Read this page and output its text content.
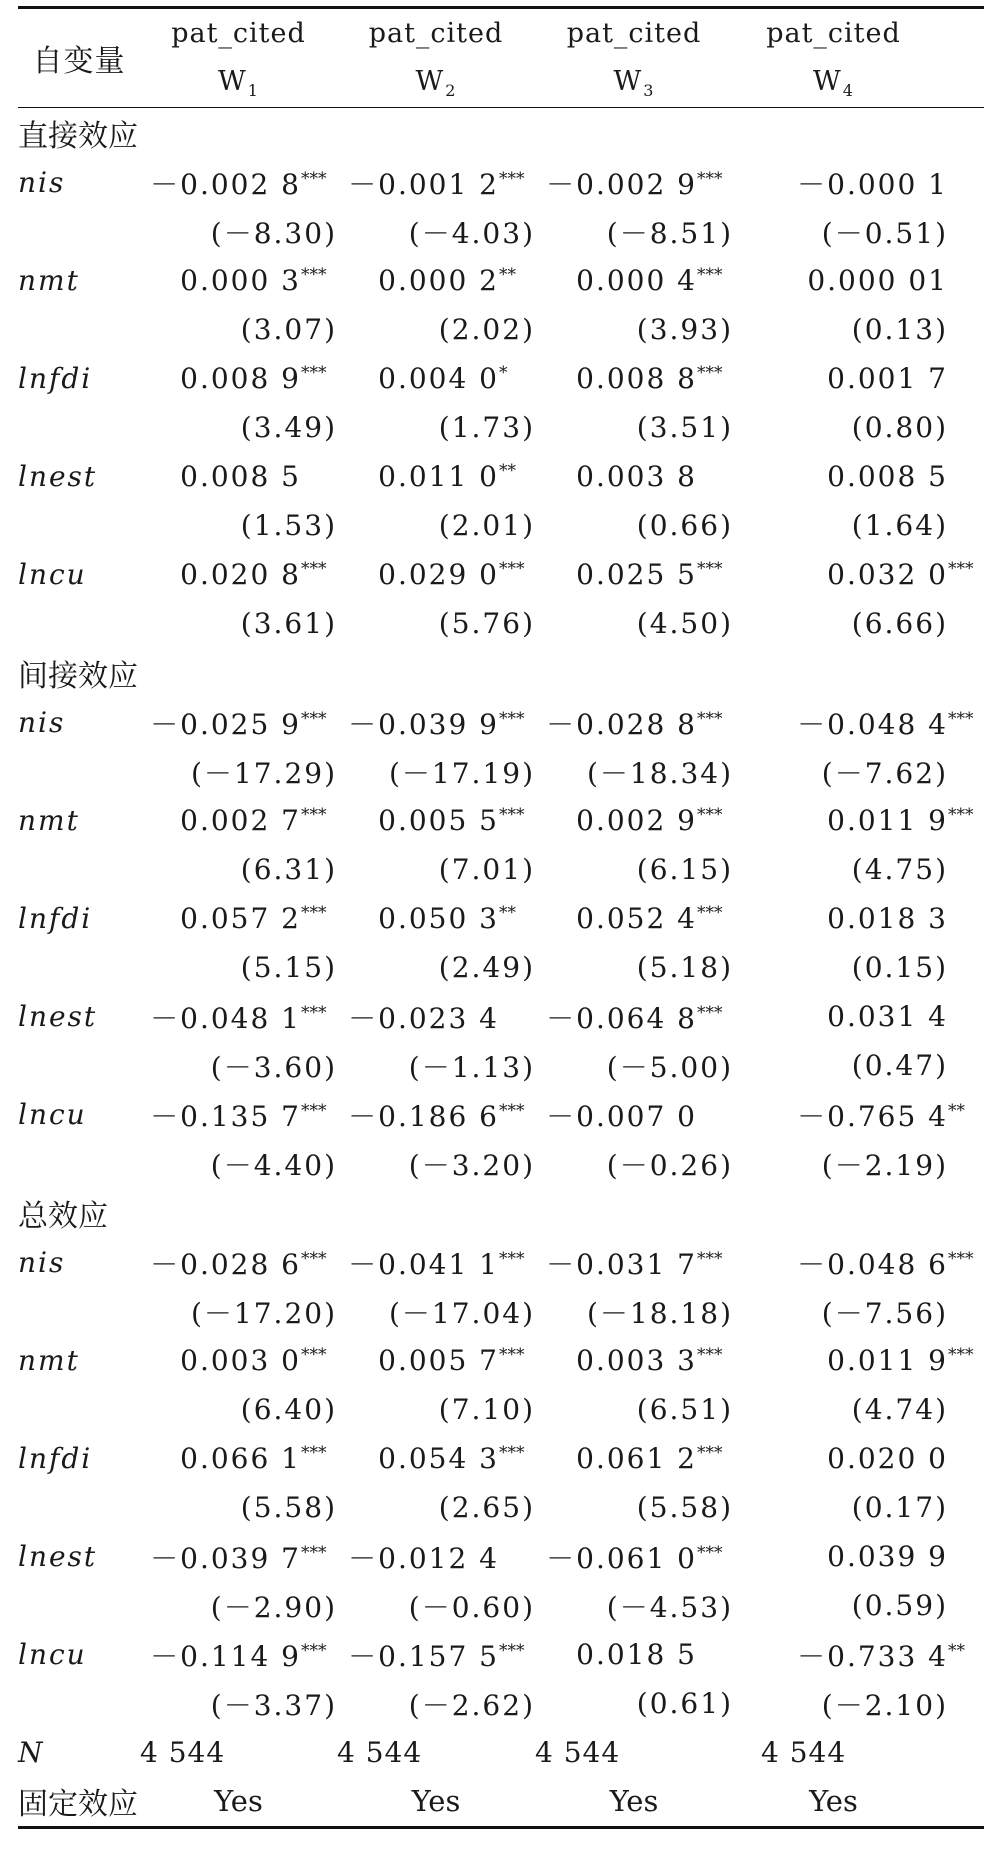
自变量	pat_cited	pat_cited	pat_cited	pat_cited
	$W_1$	$W_2$	$W_3$	$W_4$
直接效应				
nis	－0.002 8***	－0.001 2***	－0.002 9***	－0.000 1
	(－8.30)	(－4.03)	(－8.51)	(－0.51)
nmt	0.000 3***	0.000 2**	0.000 4***	0.000 01
	(3.07)	(2.02)	(3.93)	(0.13)
lnfdi	0.008 9***	0.004 0*	0.008 8***	0.001 7
	(3.49)	(1.73)	(3.51)	(0.80)
lnest	0.008 5	0.011 0**	0.003 8	0.008 5
	(1.53)	(2.01)	(0.66)	(1.64)
lncu	0.020 8***	0.029 0***	0.025 5***	0.032 0***
	(3.61)	(5.76)	(4.50)	(6.66)
间接效应				
nis	－0.025 9***	－0.039 9***	－0.028 8***	－0.048 4***
	(－17.29)	(－17.19)	(－18.34)	(－7.62)
nmt	0.002 7***	0.005 5***	0.002 9***	0.011 9***
	(6.31)	(7.01)	(6.15)	(4.75)
lnfdi	0.057 2***	0.050 3**	0.052 4***	0.018 3
	(5.15)	(2.49)	(5.18)	(0.15)
lnest	－0.048 1***	－0.023 4	－0.064 8***	0.031 4
	(－3.60)	(－1.13)	(－5.00)	(0.47)
lncu	－0.135 7***	－0.186 6***	－0.007 0	－0.765 4**
	(－4.40)	(－3.20)	(－0.26)	(－2.19)
总效应				
nis	－0.028 6***	－0.041 1***	－0.031 7***	－0.048 6***
	(－17.20)	(－17.04)	(－18.18)	(－7.56)
nmt	0.003 0***	0.005 7***	0.003 3***	0.011 9***
	(6.40)	(7.10)	(6.51)	(4.74)
lnfdi	0.066 1***	0.054 3***	0.061 2***	0.020 0
	(5.58)	(2.65)	(5.58)	(0.17)
lnest	－0.039 7***	－0.012 4	－0.061 0***	0.039 9
	(－2.90)	(－0.60)	(－4.53)	(0.59)
lncu	－0.114 9***	－0.157 5***	0.018 5	－0.733 4**
	(－3.37)	(－2.62)	(0.61)	(－2.10)
N	4 544	4 544	4 544	4 544
固定效应	Yes	Yes	Yes	Yes
